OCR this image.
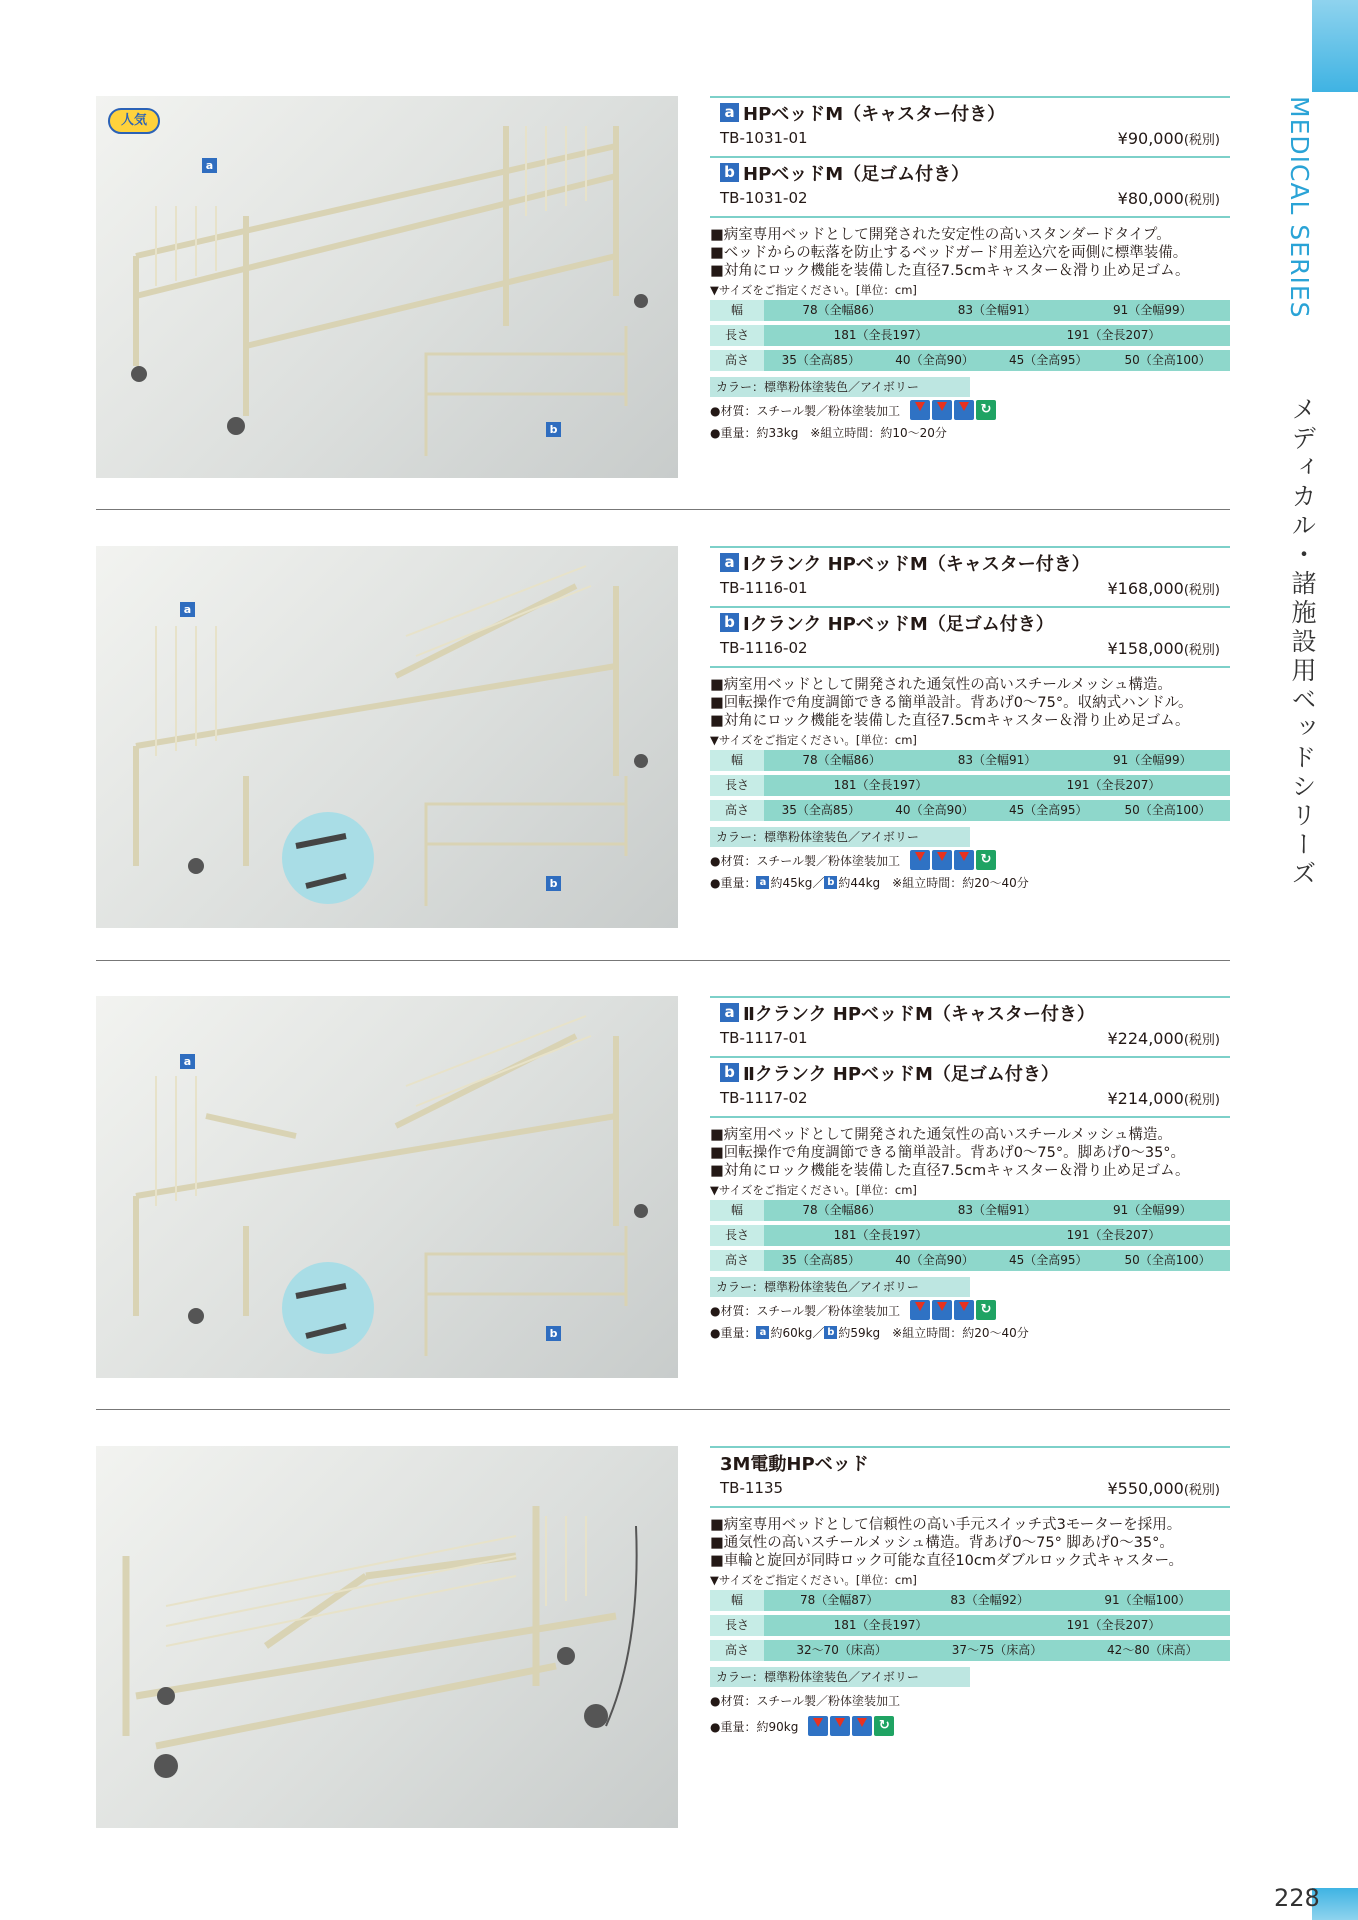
MEDICAL SERIES
メディカル・諸施設用ベッドシリーズ
228
人気
a
b
a HPベッドM（キャスター付き）
TB-1031-01	¥90,000(税別)
b HPベッドM（足ゴム付き）
TB-1031-02	¥80,000(税別)
■病室専用ベッドとして開発された安定性の高いスタンダードタイプ。
■ベッドからの転落を防止するベッドガード用差込穴を両側に標準装備。
■対角にロック機能を装備した直径7.5cmキャスター＆滑り止め足ゴム。
▼サイズをご指定ください。[単位：cm]
幅	78（全幅86）	83（全幅91）	91（全幅99）
長さ	181（全長197）	191（全長207）
高さ	35（全高85）	40（全高90）	45（全高95）	50（全高100）
カラー：標準粉体塗装色／アイボリー
●材質：スチール製／粉体塗装加工	↻
●重量：約33kg　※組立時間：約10〜20分
a
b
a Ⅰクランク HPベッドM（キャスター付き）
TB-1116-01	¥168,000(税別)
b Ⅰクランク HPベッドM（足ゴム付き）
TB-1116-02	¥158,000(税別)
■病室用ベッドとして開発された通気性の高いスチールメッシュ構造。
■回転操作で角度調節できる簡単設計。背あげ0〜75°。収納式ハンドル。
■対角にロック機能を装備した直径7.5cmキャスター＆滑り止め足ゴム。
▼サイズをご指定ください。[単位：cm]
幅	78（全幅86）	83（全幅91）	91（全幅99）
長さ	181（全長197）	191（全長207）
高さ	35（全高85）	40（全高90）	45（全高95）	50（全高100）
カラー：標準粉体塗装色／アイボリー
●材質：スチール製／粉体塗装加工	↻
●重量： a 約45kg／ b 約44kg 　※組立時間：約20〜40分
a
b
a Ⅱクランク HPベッドM（キャスター付き）
TB-1117-01	¥224,000(税別)
b Ⅱクランク HPベッドM（足ゴム付き）
TB-1117-02	¥214,000(税別)
■病室用ベッドとして開発された通気性の高いスチールメッシュ構造。
■回転操作で角度調節できる簡単設計。背あげ0〜75°。脚あげ0〜35°。
■対角にロック機能を装備した直径7.5cmキャスター＆滑り止め足ゴム。
▼サイズをご指定ください。[単位：cm]
幅	78（全幅86）	83（全幅91）	91（全幅99）
長さ	181（全長197）	191（全長207）
高さ	35（全高85）	40（全高90）	45（全高95）	50（全高100）
カラー：標準粉体塗装色／アイボリー
●材質：スチール製／粉体塗装加工	↻
●重量： a 約60kg／ b 約59kg 　※組立時間：約20〜40分
3M電動HPベッド
TB-1135	¥550,000(税別)
■病室専用ベッドとして信頼性の高い手元スイッチ式3モーターを採用。
■通気性の高いスチールメッシュ構造。背あげ0〜75° 脚あげ0〜35°。
■車輪と旋回が同時ロック可能な直径10cmダブルロック式キャスター。
▼サイズをご指定ください。[単位：cm]
幅	78（全幅87）	83（全幅92）	91（全幅100）
長さ	181（全長197）	191（全長207）
高さ	32〜70（床高）	37〜75（床高）	42〜80（床高）
カラー：標準粉体塗装色／アイボリー
●材質：スチール製／粉体塗装加工
●重量：約90kg	↻
